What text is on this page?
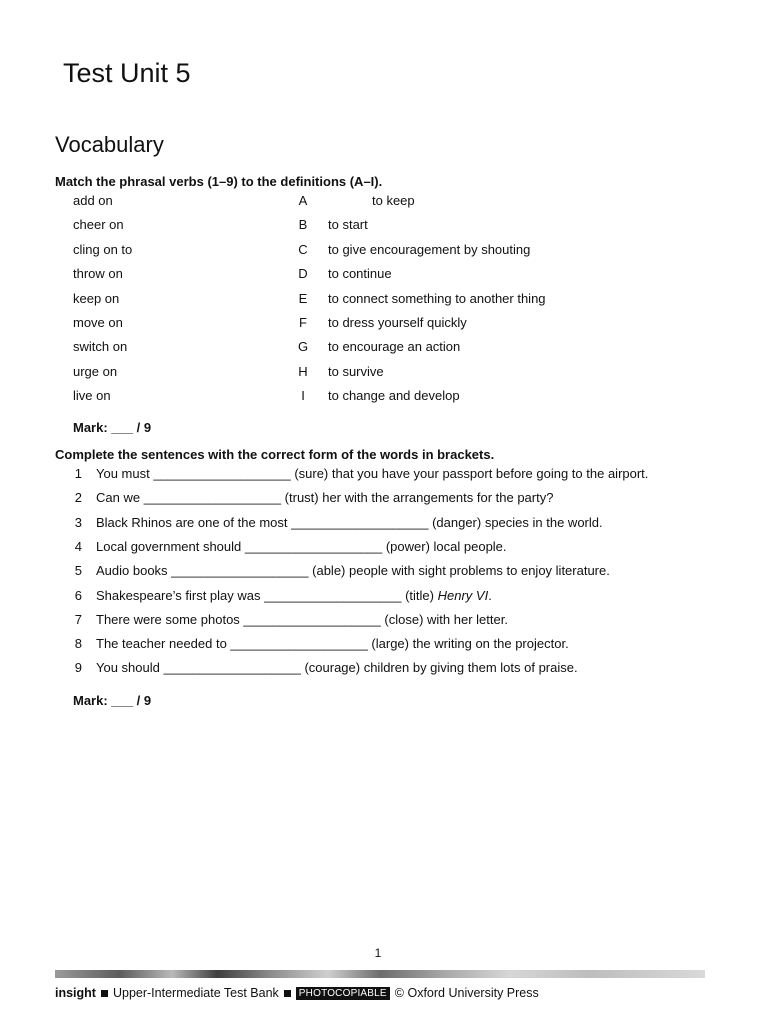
Test Unit 5
Vocabulary

Match the phrasal verbs (1–9) to the definitions (A–I).

add on	A	to keep
cheer on	B	to start
cling on to	C	to give encouragement by shouting
throw on	D	to continue
keep on	E	to connect something to another thing
move on	F	to dress yourself quickly
switch on	G	to encourage an action
urge on	H	to survive
live on	I	to change and develop
Mark: ___ / 9

Complete the sentences with the correct form of the words in brackets.

1 You must ___________________ (sure) that you have your passport before going to the airport.
2 Can we ___________________ (trust) her with the arrangements for the party?
3 Black Rhinos are one of the most ___________________ (danger) species in the world.
4 Local government should ___________________ (power) local people.
5 Audio books ___________________ (able) people with sight problems to enjoy literature.
6 Shakespeare’s first play was ___________________ (title) Henry VI.
7 There were some photos ___________________ (close) with her letter.
8 The teacher needed to ___________________ (large) the writing on the projector.
9 You should ___________________ (courage) children by giving them lots of praise.
Mark: ___ / 9
1
insight Upper-Intermediate Test Bank	PHOTOCOPIABLE © Oxford University Press
